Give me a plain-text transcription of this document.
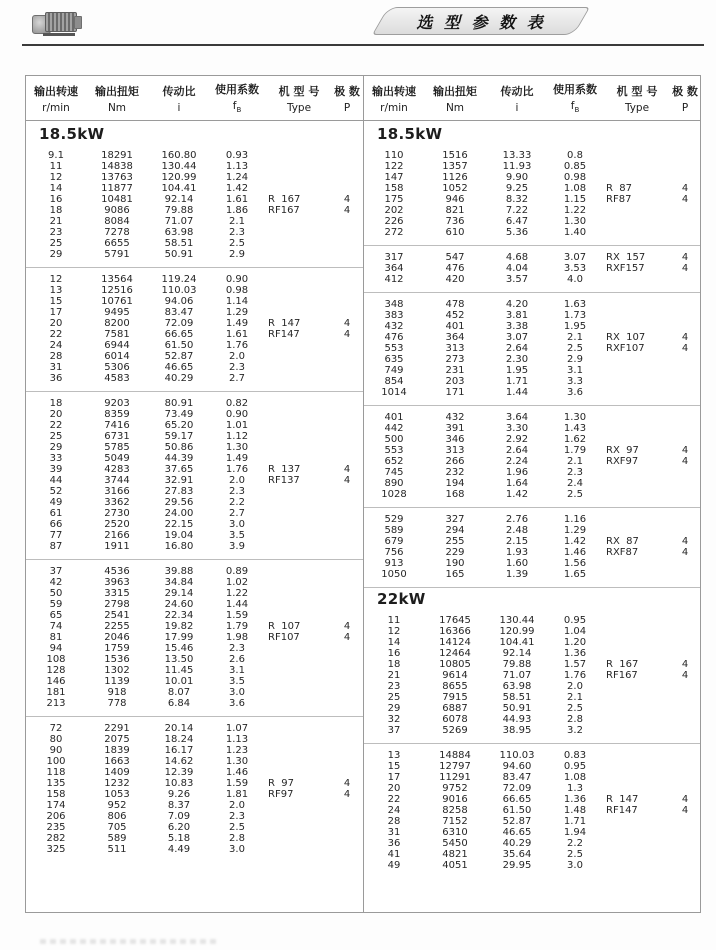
选 型 参 数 表
输出转速
r/min
输出扭矩
Nm
传动比
i
使用系数
$f_B$
机 型 号
Type
极 数
P
18.5kW
9.1	18291	160.80	0.93
11	14838	130.44	1.13
12	13763	120.99	1.24
14	11877	104.41	1.42
16	10481	92.14	1.61	R  167	4
18	9086	79.88	1.86	RF167	4
21	8084	71.07	2.1
23	7278	63.98	2.3
25	6655	58.51	2.5
29	5791	50.91	2.9
12	13564	119.24	0.90
13	12516	110.03	0.98
15	10761	94.06	1.14
17	9495	83.47	1.29
20	8200	72.09	1.49	R  147	4
22	7581	66.65	1.61	RF147	4
24	6944	61.50	1.76
28	6014	52.87	2.0
31	5306	46.65	2.3
36	4583	40.29	2.7
18	9203	80.91	0.82
20	8359	73.49	0.90
22	7416	65.20	1.01
25	6731	59.17	1.12
29	5785	50.86	1.30
33	5049	44.39	1.49
39	4283	37.65	1.76	R  137	4
44	3744	32.91	2.0	RF137	4
52	3166	27.83	2.3
49	3362	29.56	2.2
61	2730	24.00	2.7
66	2520	22.15	3.0
77	2166	19.04	3.5
87	1911	16.80	3.9
37	4536	39.88	0.89
42	3963	34.84	1.02
50	3315	29.14	1.22
59	2798	24.60	1.44
65	2541	22.34	1.59
74	2255	19.82	1.79	R  107	4
81	2046	17.99	1.98	RF107	4
94	1759	15.46	2.3
108	1536	13.50	2.6
128	1302	11.45	3.1
146	1139	10.01	3.5
181	918	8.07	3.0
213	778	6.84	3.6
72	2291	20.14	1.07
80	2075	18.24	1.13
90	1839	16.17	1.23
100	1663	14.62	1.30
118	1409	12.39	1.46
135	1232	10.83	1.59	R  97	4
158	1053	9.26	1.81	RF97	4
174	952	8.37	2.0
206	806	7.09	2.3
235	705	6.20	2.5
282	589	5.18	2.8
325	511	4.49	3.0
输出转速
r/min
输出扭矩
Nm
传动比
i
使用系数
$f_B$
机 型 号
Type
极 数
P
18.5kW
110	1516	13.33	0.8
122	1357	11.93	0.85
147	1126	9.90	0.98
158	1052	9.25	1.08	R  87	4
175	946	8.32	1.15	RF87	4
202	821	7.22	1.22
226	736	6.47	1.30
272	610	5.36	1.40
317	547	4.68	3.07	RX  157	4
364	476	4.04	3.53	RXF157	4
412	420	3.57	4.0
348	478	4.20	1.63
383	452	3.81	1.73
432	401	3.38	1.95
476	364	3.07	2.1	RX  107	4
553	313	2.64	2.5	RXF107	4
635	273	2.30	2.9
749	231	1.95	3.1
854	203	1.71	3.3
1014	171	1.44	3.6
401	432	3.64	1.30
442	391	3.30	1.43
500	346	2.92	1.62
553	313	2.64	1.79	RX  97	4
652	266	2.24	2.1	RXF97	4
745	232	1.96	2.3
890	194	1.64	2.4
1028	168	1.42	2.5
529	327	2.76	1.16
589	294	2.48	1.29
679	255	2.15	1.42	RX  87	4
756	229	1.93	1.46	RXF87	4
913	190	1.60	1.56
1050	165	1.39	1.65
22kW
11	17645	130.44	0.95
12	16366	120.99	1.04
14	14124	104.41	1.20
16	12464	92.14	1.36
18	10805	79.88	1.57	R  167	4
21	9614	71.07	1.76	RF167	4
23	8655	63.98	2.0
25	7915	58.51	2.1
29	6887	50.91	2.5
32	6078	44.93	2.8
37	5269	38.95	3.2
13	14884	110.03	0.83
15	12797	94.60	0.95
17	11291	83.47	1.08
20	9752	72.09	1.3
22	9016	66.65	1.36	R  147	4
24	8258	61.50	1.48	RF147	4
28	7152	52.87	1.71
31	6310	46.65	1.94
36	5450	40.29	2.2
41	4821	35.64	2.5
49	4051	29.95	3.0
